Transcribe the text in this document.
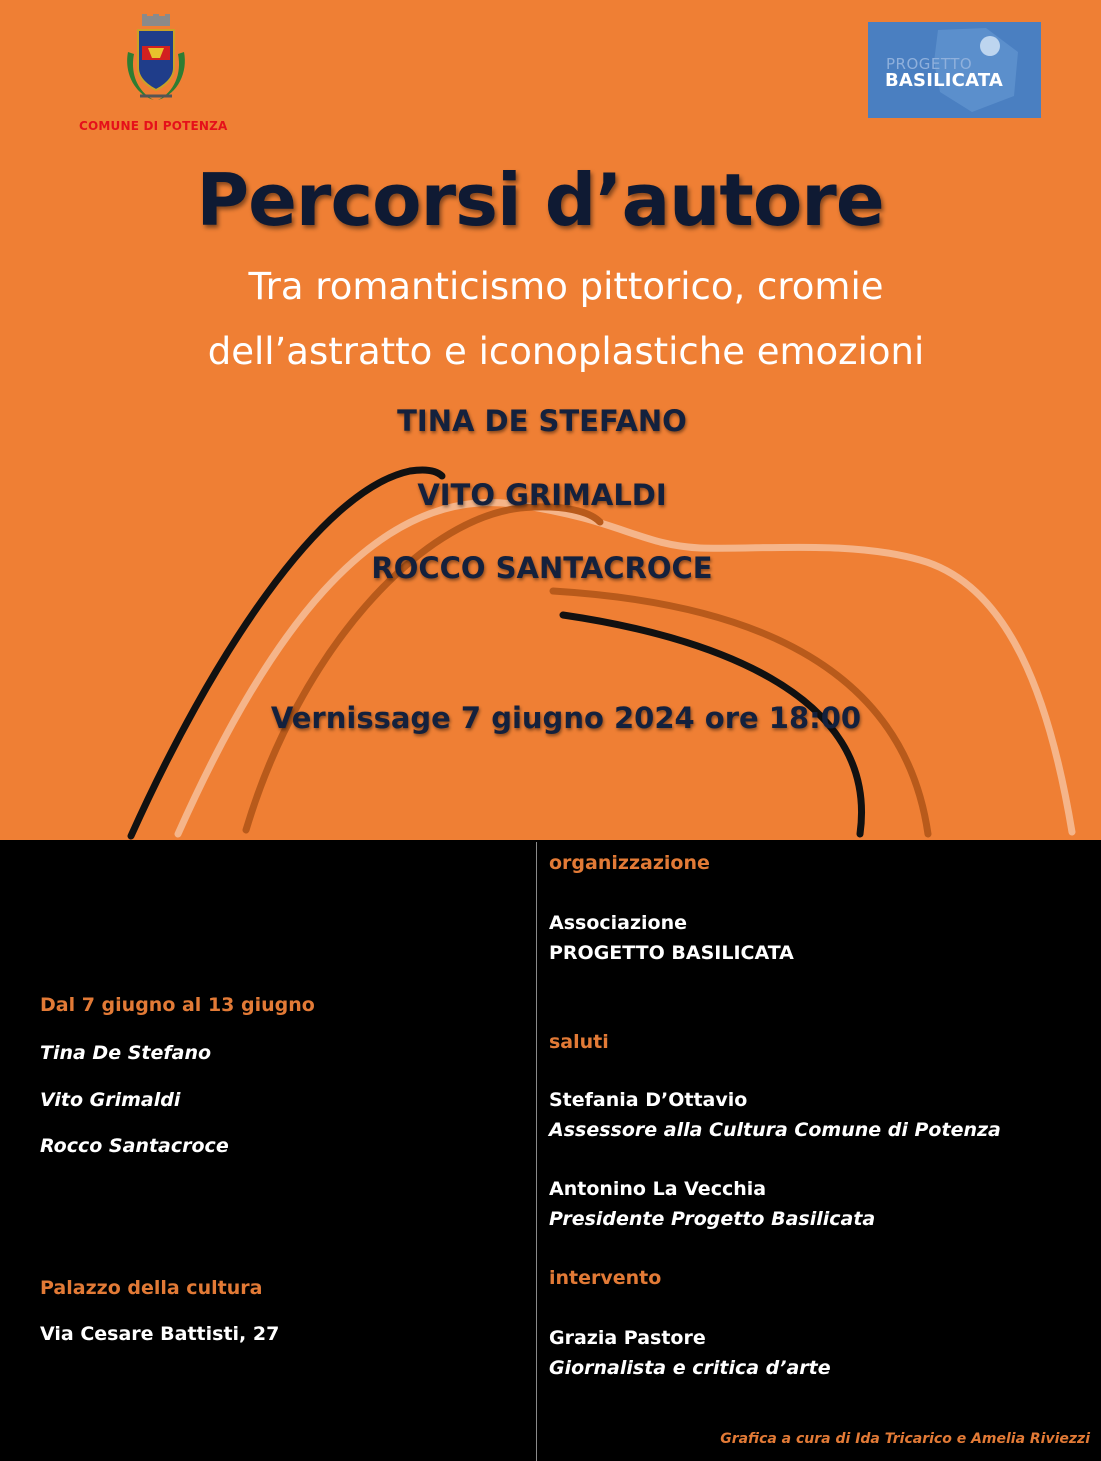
COMUNE DI POTENZA
PROGETTO
BASILICATA
Percorsi d’autore
Tra romanticismo pittorico, cromie
dell’astratto e iconoplastiche emozioni
TINA DE STEFANO
VITO GRIMALDI
ROCCO SANTACROCE
Vernissage 7 giugno 2024 ore 18:00
Dal 7 giugno al 13 giugno
Tina De Stefano
Vito Grimaldi
Rocco Santacroce
Palazzo della cultura
Via Cesare Battisti, 27
organizzazione
Associazione
PROGETTO BASILICATA
saluti
Stefania D’Ottavio
Assessore alla Cultura Comune di Potenza
Antonino La Vecchia
Presidente Progetto Basilicata
intervento
Grazia Pastore
Giornalista e critica d’arte
Grafica a cura di Ida Tricarico e Amelia Riviezzi
